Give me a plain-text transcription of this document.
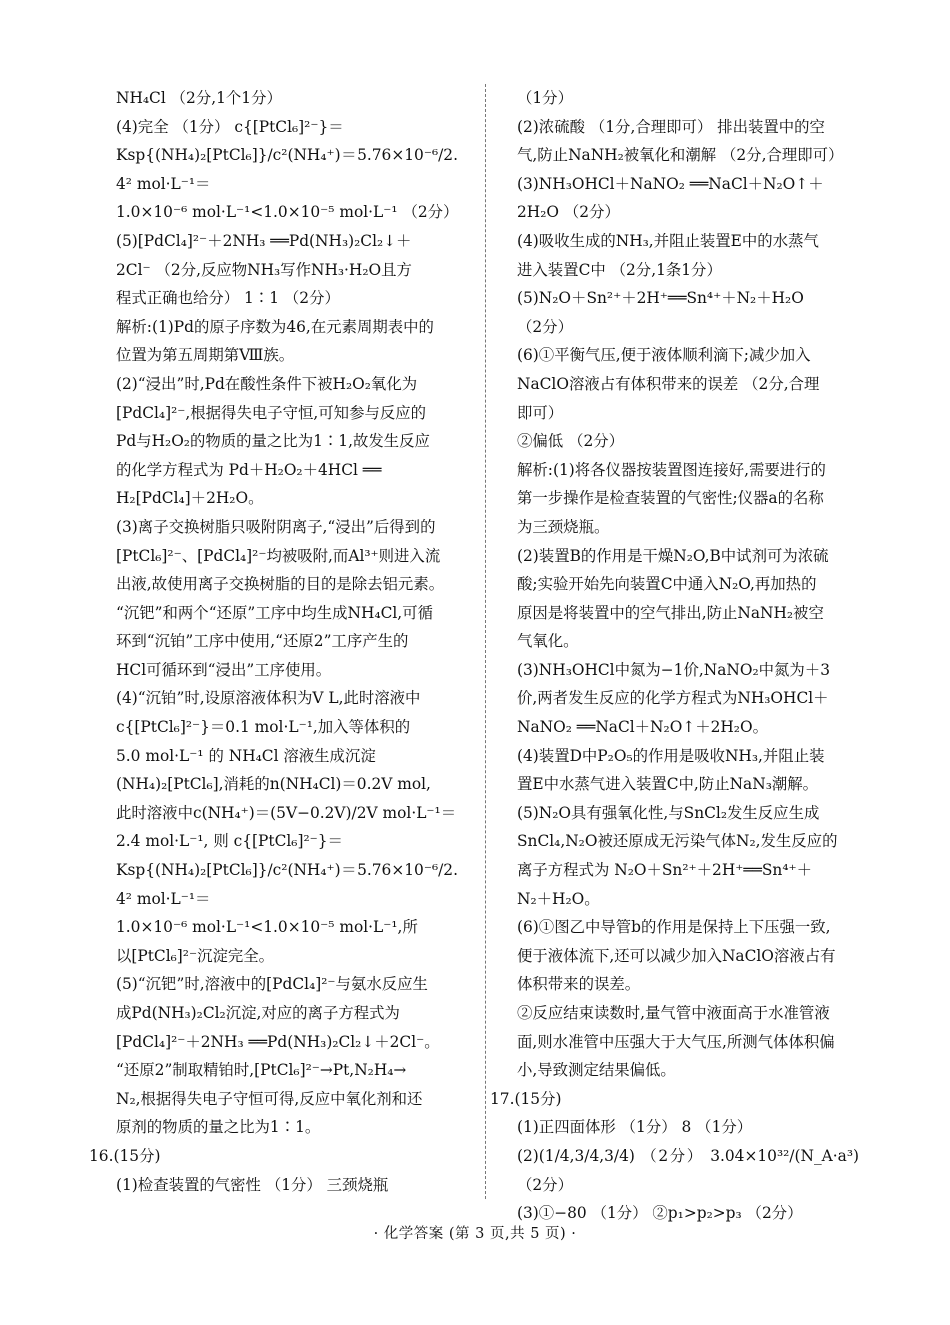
NH₄Cl （2分,1个1分）

(4)完全 （1分） c{[PtCl₆]²⁻}＝

Ksp{(NH₄)₂[PtCl₆]}/c²(NH₄⁺)＝5.76×10⁻⁶/2.4² mol·L⁻¹＝

1.0×10⁻⁶ mol·L⁻¹<1.0×10⁻⁵ mol·L⁻¹ （2分）

(5)[PdCl₄]²⁻＋2NH₃ ══Pd(NH₃)₂Cl₂↓＋

2Cl⁻ （2分,反应物NH₃写作NH₃·H₂O且方

程式正确也给分） 1∶1 （2分）

解析:(1)Pd的原子序数为46,在元素周期表中的

位置为第五周期第Ⅷ族。

(2)“浸出”时,Pd在酸性条件下被H₂O₂氧化为

[PdCl₄]²⁻,根据得失电子守恒,可知参与反应的

Pd与H₂O₂的物质的量之比为1∶1,故发生反应

的化学方程式为 Pd＋H₂O₂＋4HCl ══

H₂[PdCl₄]＋2H₂O。

(3)离子交换树脂只吸附阴离子,“浸出”后得到的

[PtCl₆]²⁻、[PdCl₄]²⁻均被吸附,而Al³⁺则进入流

出液,故使用离子交换树脂的目的是除去铝元素。

“沉钯”和两个“还原”工序中均生成NH₄Cl,可循

环到“沉铂”工序中使用,“还原2”工序产生的

HCl可循环到“浸出”工序使用。

(4)“沉铂”时,设原溶液体积为V L,此时溶液中

c{[PtCl₆]²⁻}＝0.1 mol·L⁻¹,加入等体积的

5.0 mol·L⁻¹ 的 NH₄Cl 溶液生成沉淀

(NH₄)₂[PtCl₆],消耗的n(NH₄Cl)＝0.2V mol,

此时溶液中c(NH₄⁺)＝(5V−0.2V)/2V mol·L⁻¹＝

2.4 mol·L⁻¹, 则 c{[PtCl₆]²⁻}＝

Ksp{(NH₄)₂[PtCl₆]}/c²(NH₄⁺)＝5.76×10⁻⁶/2.4² mol·L⁻¹＝

1.0×10⁻⁶ mol·L⁻¹<1.0×10⁻⁵ mol·L⁻¹,所

以[PtCl₆]²⁻沉淀完全。

(5)“沉钯”时,溶液中的[PdCl₄]²⁻与氨水反应生

成Pd(NH₃)₂Cl₂沉淀,对应的离子方程式为

[PdCl₄]²⁻＋2NH₃ ══Pd(NH₃)₂Cl₂↓＋2Cl⁻。

“还原2”制取精铂时,[PtCl₆]²⁻→Pt,N₂H₄→

N₂,根据得失电子守恒可得,反应中氧化剂和还

原剂的物质的量之比为1∶1。

16.(15分)

(1)检查装置的气密性 （1分） 三颈烧瓶

（1分）

(2)浓硫酸 （1分,合理即可） 排出装置中的空

气,防止NaNH₂被氧化和潮解 （2分,合理即可）

(3)NH₃OHCl＋NaNO₂ ══NaCl＋N₂O↑＋

2H₂O （2分）

(4)吸收生成的NH₃,并阻止装置E中的水蒸气

进入装置C中 （2分,1条1分）

(5)N₂O＋Sn²⁺＋2H⁺══Sn⁴⁺＋N₂＋H₂O

（2分）

(6)①平衡气压,便于液体顺利滴下;减少加入

NaClO溶液占有体积带来的误差 （2分,合理

即可）

②偏低 （2分）

解析:(1)将各仪器按装置图连接好,需要进行的

第一步操作是检查装置的气密性;仪器a的名称

为三颈烧瓶。

(2)装置B的作用是干燥N₂O,B中试剂可为浓硫

酸;实验开始先向装置C中通入N₂O,再加热的

原因是将装置中的空气排出,防止NaNH₂被空

气氧化。

(3)NH₃OHCl中氮为−1价,NaNO₂中氮为＋3

价,两者发生反应的化学方程式为NH₃OHCl＋

NaNO₂ ══NaCl＋N₂O↑＋2H₂O。

(4)装置D中P₂O₅的作用是吸收NH₃,并阻止装

置E中水蒸气进入装置C中,防止NaN₃潮解。

(5)N₂O具有强氧化性,与SnCl₂发生反应生成

SnCl₄,N₂O被还原成无污染气体N₂,发生反应的

离子方程式为 N₂O＋Sn²⁺＋2H⁺══Sn⁴⁺＋

N₂＋H₂O。

(6)①图乙中导管b的作用是保持上下压强一致,

便于液体流下,还可以减少加入NaClO溶液占有

体积带来的误差。

②反应结束读数时,量气管中液面高于水准管液

面,则水准管中压强大于大气压,所测气体体积偏

小,导致测定结果偏低。

17.(15分)

(1)正四面体形 （1分） 8 （1分）

(2)(1/4,3/4,3/4) （2分） 3.04×10³²/(N_A·a³) （2分）

(3)①−80 （1分） ②p₁>p₂>p₃ （2分）

· 化学答案 (第 3 页,共 5 页) ·
